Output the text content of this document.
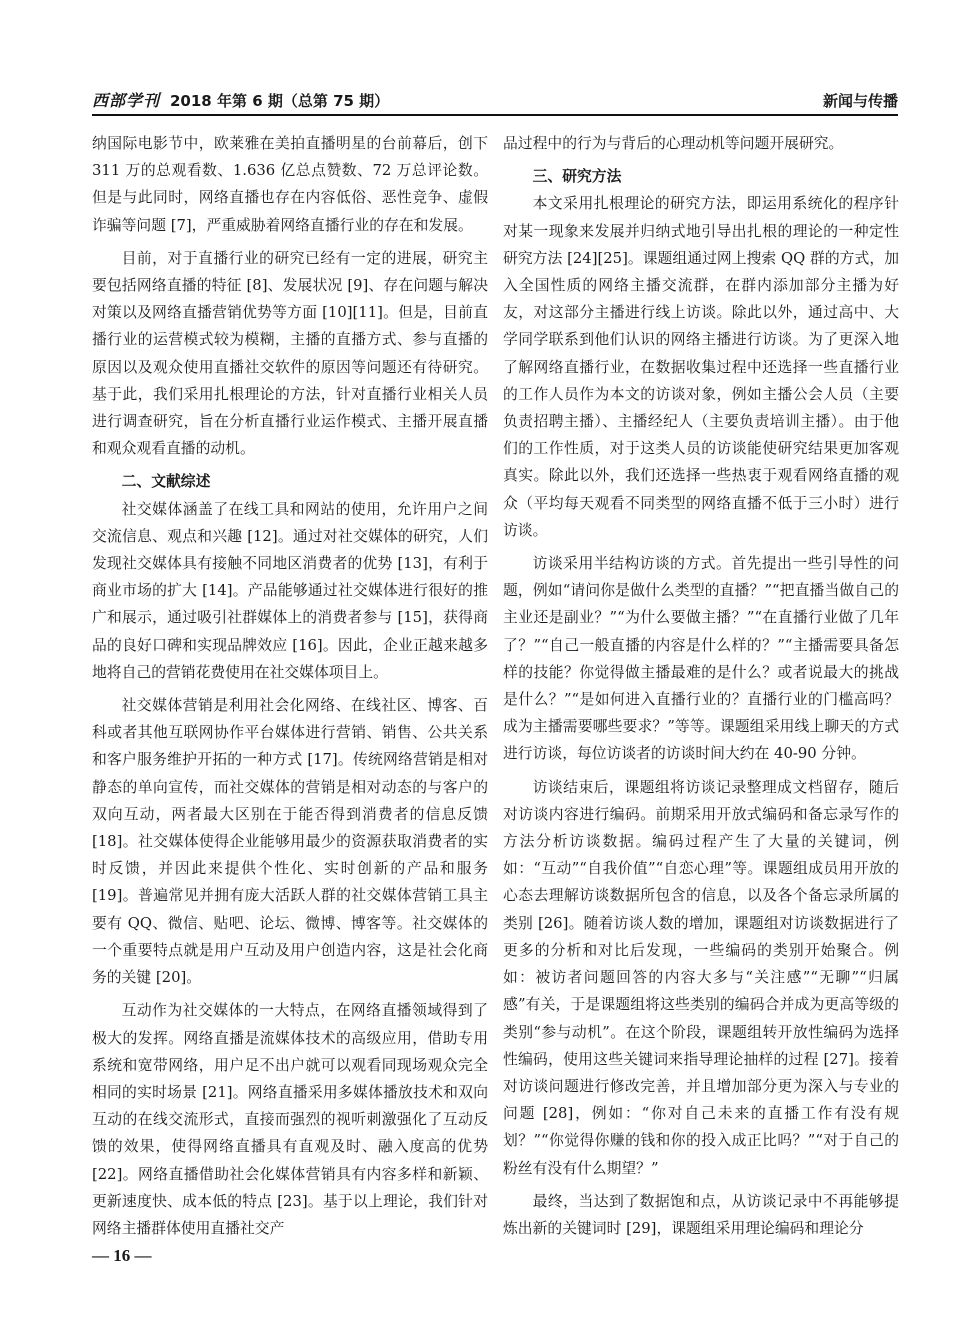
西部学刊 2018 年第 6 期（总第 75 期）	新闻与传播

纳国际电影节中，欧莱雅在美拍直播明星的台前幕后，创下 311 万的总观看数、1.636 亿总点赞数、72 万总评论数。但是与此同时，网络直播也存在内容低俗、恶性竞争、虚假诈骗等问题 [7]，严重威胁着网络直播行业的存在和发展。

目前，对于直播行业的研究已经有一定的进展，研究主要包括网络直播的特征 [8]、发展状况 [9]、存在问题与解决对策以及网络直播营销优势等方面 [10][11]。但是，目前直播行业的运营模式较为模糊，主播的直播方式、参与直播的原因以及观众使用直播社交软件的原因等问题还有待研究。基于此，我们采用扎根理论的方法，针对直播行业相关人员进行调查研究，旨在分析直播行业运作模式、主播开展直播和观众观看直播的动机。

二、文献综述

社交媒体涵盖了在线工具和网站的使用，允许用户之间交流信息、观点和兴趣 [12]。通过对社交媒体的研究，人们发现社交媒体具有接触不同地区消费者的优势 [13]，有利于商业市场的扩大 [14]。产品能够通过社交媒体进行很好的推广和展示，通过吸引社群媒体上的消费者参与 [15]，获得商品的良好口碑和实现品牌效应 [16]。因此，企业正越来越多地将自己的营销花费使用在社交媒体项目上。

社交媒体营销是利用社会化网络、在线社区、博客、百科或者其他互联网协作平台媒体进行营销、销售、公共关系和客户服务维护开拓的一种方式 [17]。传统网络营销是相对静态的单向宣传，而社交媒体的营销是相对动态的与客户的双向互动，两者最大区别在于能否得到消费者的信息反馈 [18]。社交媒体使得企业能够用最少的资源获取消费者的实时反馈，并因此来提供个性化、实时创新的产品和服务 [19]。普遍常见并拥有庞大活跃人群的社交媒体营销工具主要有 QQ、微信、贴吧、论坛、微博、博客等。社交媒体的一个重要特点就是用户互动及用户创造内容，这是社会化商务的关键 [20]。

互动作为社交媒体的一大特点，在网络直播领域得到了极大的发挥。网络直播是流媒体技术的高级应用，借助专用系统和宽带网络，用户足不出户就可以观看同现场观众完全相同的实时场景 [21]。网络直播采用多媒体播放技术和双向互动的在线交流形式，直接而强烈的视听刺激强化了互动反馈的效果，使得网络直播具有直观及时、融入度高的优势 [22]。网络直播借助社会化媒体营销具有内容多样和新颖、更新速度快、成本低的特点 [23]。基于以上理论，我们针对网络主播群体使用直播社交产

品过程中的行为与背后的心理动机等问题开展研究。

三、研究方法

本文采用扎根理论的研究方法，即运用系统化的程序针对某一现象来发展并归纳式地引导出扎根的理论的一种定性研究方法 [24][25]。课题组通过网上搜索 QQ 群的方式，加入全国性质的网络主播交流群，在群内添加部分主播为好友，对这部分主播进行线上访谈。除此以外，通过高中、大学同学联系到他们认识的网络主播进行访谈。为了更深入地了解网络直播行业，在数据收集过程中还选择一些直播行业的工作人员作为本文的访谈对象，例如主播公会人员（主要负责招聘主播）、主播经纪人（主要负责培训主播）。由于他们的工作性质，对于这类人员的访谈能使研究结果更加客观真实。除此以外，我们还选择一些热衷于观看网络直播的观众（平均每天观看不同类型的网络直播不低于三小时）进行访谈。

访谈采用半结构访谈的方式。首先提出一些引导性的问题，例如“请问你是做什么类型的直播？”“把直播当做自己的主业还是副业？”“为什么要做主播？”“在直播行业做了几年了？”“自己一般直播的内容是什么样的？”“主播需要具备怎样的技能？你觉得做主播最难的是什么？或者说最大的挑战是什么？”“是如何进入直播行业的？直播行业的门槛高吗？成为主播需要哪些要求？”等等。课题组采用线上聊天的方式进行访谈，每位访谈者的访谈时间大约在 40-90 分钟。

访谈结束后，课题组将访谈记录整理成文档留存，随后对访谈内容进行编码。前期采用开放式编码和备忘录写作的方法分析访谈数据。编码过程产生了大量的关键词，例如：“互动”“自我价值”“自恋心理”等。课题组成员用开放的心态去理解访谈数据所包含的信息，以及各个备忘录所属的类别 [26]。随着访谈人数的增加，课题组对访谈数据进行了更多的分析和对比后发现，一些编码的类别开始聚合。例如：被访者问题回答的内容大多与“关注感”“无聊”“归属感”有关，于是课题组将这些类别的编码合并成为更高等级的类别“参与动机”。在这个阶段，课题组转开放性编码为选择性编码，使用这些关键词来指导理论抽样的过程 [27]。接着对访谈问题进行修改完善，并且增加部分更为深入与专业的问题 [28]，例如：“你对自己未来的直播工作有没有规划？”“你觉得你赚的钱和你的投入成正比吗？”“对于自己的粉丝有没有什么期望？”

最终，当达到了数据饱和点，从访谈记录中不再能够提炼出新的关键词时 [29]，课题组采用理论编码和理论分

— 16 —
